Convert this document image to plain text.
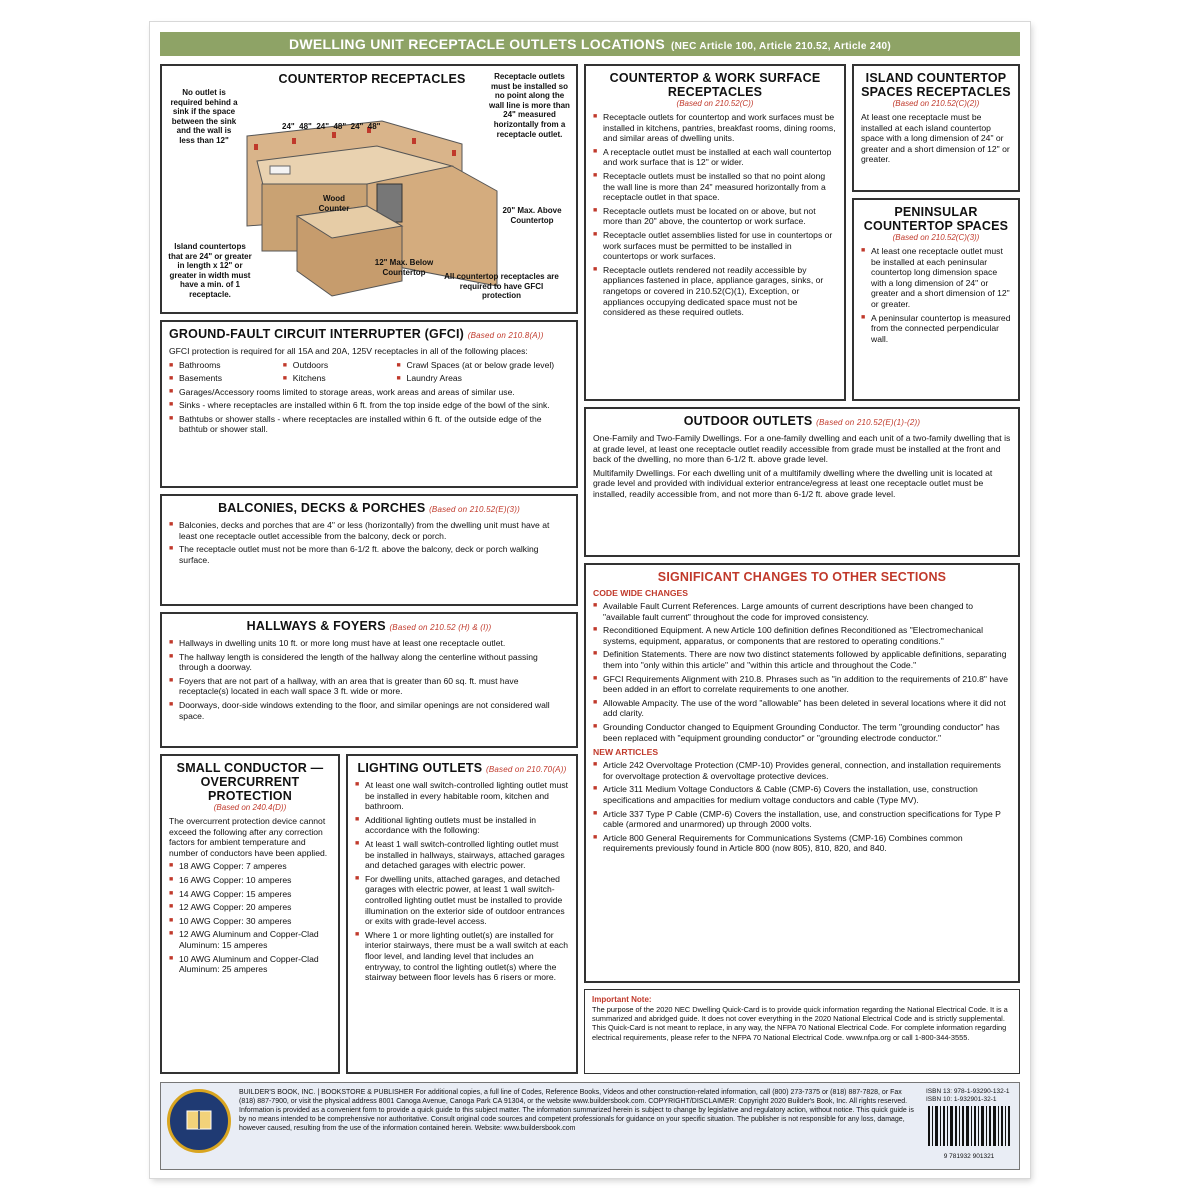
DWELLING UNIT RECEPTACLE OUTLETS LOCATIONS (NEC Article 100, Article 210.52, Article 240)
COUNTERTOP RECEPTACLES
24" 48" 24" 48" 24" 48"
No outlet is required behind a sink if the space between the sink and the wall is less than 12"
Receptacle outlets must be installed so no point along the wall line is more than 24" measured horizontally from a receptacle outlet.
Island countertops that are 24" or greater in length x 12" or greater in width must have a min. of 1 receptacle.
20" Max. Above Countertop
12" Max. Below Countertop	All countertop receptacles are required to have GFCI protection
Wood Counter
COUNTERTOP & WORK SURFACE RECEPTACLES
(Based on 210.52(C))
■ Receptacle outlets for countertop and work surfaces must be installed in kitchens, pantries, breakfast rooms, dining rooms, and similar areas of dwelling units.
■ A receptacle outlet must be installed at each wall countertop and work surface that is 12" or wider.
■ Receptacle outlets must be installed so that no point along the wall line is more than 24" measured horizontally from a receptacle outlet in that space.
■ Receptacle outlets must be located on or above, but not more than 20" above, the countertop or work surface.
■ Receptacle outlet assemblies listed for use in countertops or work surfaces must be permitted to be installed in countertops or work surfaces.
■ Receptacle outlets rendered not readily accessible by appliances fastened in place, appliance garages, sinks, or rangetops or covered in 210.52(C)(1), Exception, or appliances occupying dedicated space must not be considered as these required outlets.
ISLAND COUNTERTOP SPACES RECEPTACLES
(Based on 210.52(C)(2))

At least one receptacle must be installed at each island countertop space with a long dimension of 24" or greater and a short dimension of 12" or greater.

PENINSULAR COUNTERTOP SPACES
(Based on 210.52(C)(3))
■ At least one receptacle outlet must be installed at each peninsular countertop long dimension space with a long dimension of 24" or greater and a short dimension of 12" or greater.
■ A peninsular countertop is measured from the connected perpendicular wall.
GROUND-FAULT CIRCUIT INTERRUPTER (GFCI) (Based on 210.8(A))

GFCI protection is required for all 15A and 20A, 125V receptacles in all of the following places:

■ Bathrooms	■ Outdoors	■ Crawl Spaces (at or below grade level)
■ Basements	■ Kitchens	■ Laundry Areas
■ Garages/Accessory rooms limited to storage areas, work areas and areas of similar use.
■ Sinks - where receptacles are installed within 6 ft. from the top inside edge of the bowl of the sink.
■ Bathtubs or shower stalls - where receptacles are installed within 6 ft. of the outside edge of the bathtub or shower stall.
BALCONIES, DECKS & PORCHES (Based on 210.52(E)(3))
■ Balconies, decks and porches that are 4" or less (horizontally) from the dwelling unit must have at least one receptacle outlet accessible from the balcony, deck or porch.
■ The receptacle outlet must not be more than 6-1/2 ft. above the balcony, deck or porch walking surface.
HALLWAYS & FOYERS (Based on 210.52 (H) & (I))
■ Hallways in dwelling units 10 ft. or more long must have at least one receptacle outlet.
■ The hallway length is considered the length of the hallway along the centerline without passing through a doorway.
■ Foyers that are not part of a hallway, with an area that is greater than 60 sq. ft. must have receptacle(s) located in each wall space 3 ft. wide or more.
■ Doorways, door-side windows extending to the floor, and similar openings are not considered wall space.
SMALL CONDUCTOR — OVERCURRENT PROTECTION
(Based on 240.4(D))

The overcurrent protection device cannot exceed the following after any correction factors for ambient temperature and number of conductors have been applied.

■ 18 AWG Copper: 7 amperes
■ 16 AWG Copper: 10 amperes
■ 14 AWG Copper: 15 amperes
■ 12 AWG Copper: 20 amperes
■ 10 AWG Copper: 30 amperes
■ 12 AWG Aluminum and Copper-Clad Aluminum: 15 amperes
■ 10 AWG Aluminum and Copper-Clad Aluminum: 25 amperes
LIGHTING OUTLETS (Based on 210.70(A))
■ At least one wall switch-controlled lighting outlet must be installed in every habitable room, kitchen and bathroom.
■ Additional lighting outlets must be installed in accordance with the following:
■ At least 1 wall switch-controlled lighting outlet must be installed in hallways, stairways, attached garages and detached garages with electric power.
■ For dwelling units, attached garages, and detached garages with electric power, at least 1 wall switch-controlled lighting outlet must be installed to provide illumination on the exterior side of outdoor entrances or exits with grade-level access.
■ Where 1 or more lighting outlet(s) are installed for interior stairways, there must be a wall switch at each floor level, and landing level that includes an entryway, to control the lighting outlet(s) where the stairway between floor levels has 6 risers or more.
OUTDOOR OUTLETS (Based on 210.52(E)(1)-(2))

One-Family and Two-Family Dwellings. For a one-family dwelling and each unit of a two-family dwelling that is at grade level, at least one receptacle outlet readily accessible from grade must be installed at the front and back of the dwelling, no more than 6-1/2 ft. above grade level.

Multifamily Dwellings. For each dwelling unit of a multifamily dwelling where the dwelling unit is located at grade level and provided with individual exterior entrance/egress at least one receptacle outlet must be installed, readily accessible from, and not more than 6-1/2 ft. above grade level.

SIGNIFICANT CHANGES TO OTHER SECTIONS
CODE WIDE CHANGES
■ Available Fault Current References. Large amounts of current descriptions have been changed to "available fault current" throughout the code for improved consistency.
■ Reconditioned Equipment. A new Article 100 definition defines Reconditioned as "Electromechanical systems, equipment, apparatus, or components that are restored to operating conditions."
■ Definition Statements. There are now two distinct statements followed by applicable definitions, separating them into "only within this article" and "within this article and throughout the Code."
■ GFCI Requirements Alignment with 210.8. Phrases such as "in addition to the requirements of 210.8" have been added in an effort to correlate requirements to one another.
■ Allowable Ampacity. The use of the word "allowable" has been deleted in several locations where it did not add clarity.
■ Grounding Conductor changed to Equipment Grounding Conductor. The term "grounding conductor" has been replaced with "equipment grounding conductor" or "grounding electrode conductor."
NEW ARTICLES
■ Article 242 Overvoltage Protection (CMP-10) Provides general, connection, and installation requirements for overvoltage protection & overvoltage protective devices.
■ Article 311 Medium Voltage Conductors & Cable (CMP-6) Covers the installation, use, construction specifications and ampacities for medium voltage conductors and cable (Type MV).
■ Article 337 Type P Cable (CMP-6) Covers the installation, use, and construction specifications for Type P cable (armored and unarmored) up through 2000 volts.
■ Article 800 General Requirements for Communications Systems (CMP-16) Combines common requirements previously found in Article 800 (now 805), 810, 820, and 840.
Important Note:

The purpose of the 2020 NEC Dwelling Quick-Card is to provide quick information regarding the National Electrical Code. It is a summarized and abridged guide. It does not cover everything in the 2020 National Electrical Code and is strictly supplemental. This Quick-Card is not meant to replace, in any way, the NFPA 70 National Electrical Code. For complete information regarding electrical requirements, please refer to the NFPA 70 National Electrical Code. www.nfpa.org or call 1-800-344-3555.

BUILDER'S BOOK, INC. | BOOKSTORE & PUBLISHER For additional copies, a full line of Codes, Reference Books, Videos and other construction-related information, call (800) 273-7375 or (818) 887-7828, or Fax (818) 887-7900, or visit the physical address 8001 Canoga Avenue, Canoga Park CA 91304, or the website www.buildersbook.com. COPYRIGHT/DISCLAIMER: Copyright 2020 Builder's Book, Inc. All rights reserved. Information is provided as a convenient form to provide a quick guide to this subject matter. The information summarized herein is subject to change by legislative and regulatory action, without notice. This quick guide is by no means intended to be comprehensive nor authoritative. Consult original code sources and competent professionals for guidance on your specific situation. The publisher is not responsible for any loss, damage, however caused, resulting from the use of the information contained herein. Website: www.buildersbook.com
ISBN 13: 978-1-93290-132-1
ISBN 10: 1-932901-32-1
9 781932 901321
